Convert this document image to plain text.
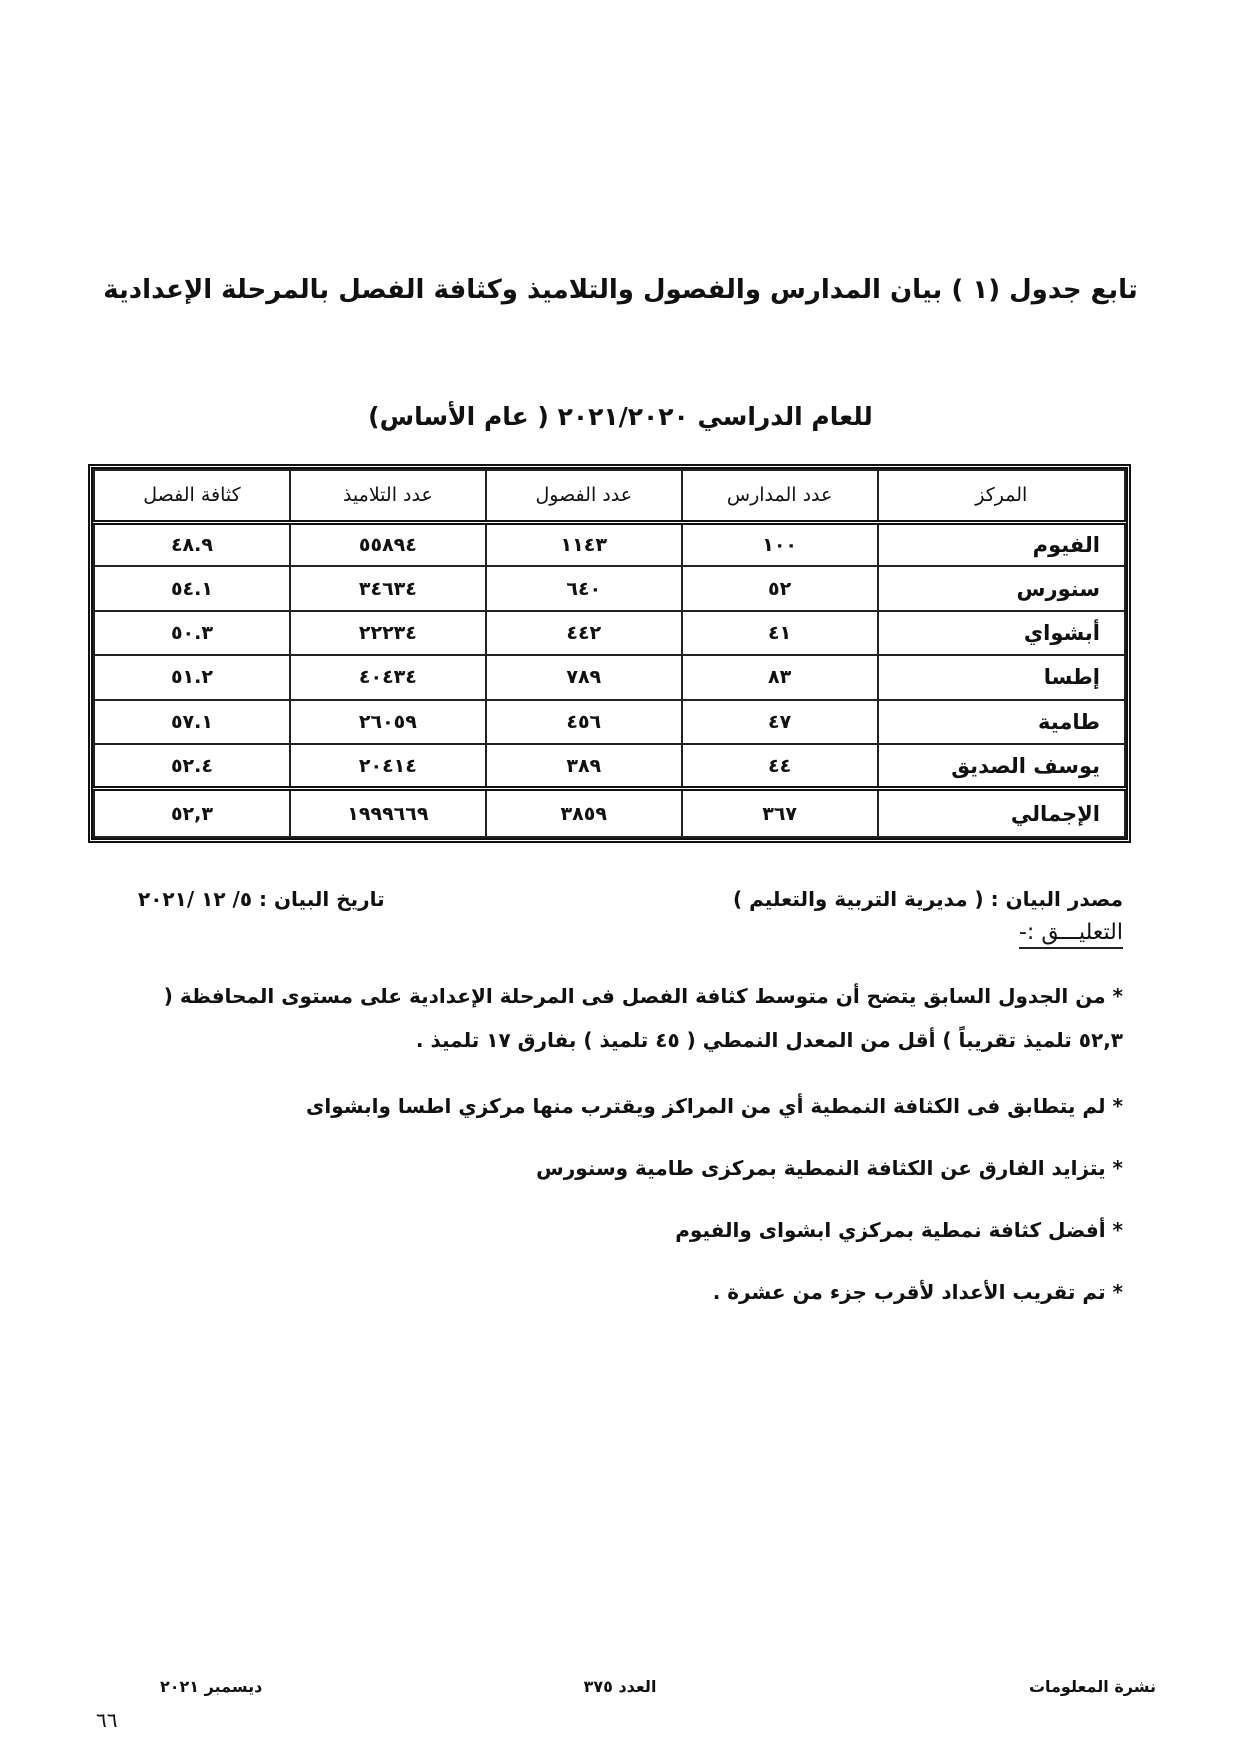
تابع جدول (١ ) بيان المدارس والفصول والتلاميذ وكثافة الفصل بالمرحلة الإعدادية
للعام الدراسي ٢٠٢١/٢٠٢٠ ( عام الأساس)
المركز	عدد المدارس	عدد الفصول	عدد التلاميذ	كثافة الفصل
الفيوم	١٠٠	١١٤٣	٥٥٨٩٤	٤٨.٩
سنورس	٥٢	٦٤٠	٣٤٦٣٤	٥٤.١
أبشواي	٤١	٤٤٢	٢٢٢٣٤	٥٠.٣
إطسا	٨٣	٧٨٩	٤٠٤٣٤	٥١.٢
طامية	٤٧	٤٥٦	٢٦٠٥٩	٥٧.١
يوسف الصديق	٤٤	٣٨٩	٢٠٤١٤	٥٢.٤
الإجمالي	٣٦٧	٣٨٥٩	١٩٩٩٦٦٩	٥٢,٣
مصدر البيان : ( مديرية التربية والتعليم )
تاريخ البيان : ٥/ ١٢ /٢٠٢١
التعليـــق :-
* من الجدول السابق يتضح أن متوسط كثافة الفصل فى المرحلة الإعدادية على مستوى المحافظة ( ٥٢,٣ تلميذ تقريباً ) أقل من المعدل النمطي ( ٤٥ تلميذ ) بفارق ١٧ تلميذ .
* لم يتطابق فى الكثافة النمطية أي من المراكز ويقترب منها مركزي اطسا وابشواى
* يتزايد الفارق عن الكثافة النمطية بمركزى طامية وسنورس
* أفضل كثافة نمطية بمركزي ابشواى والفيوم
* تم تقريب الأعداد لأقرب جزء من عشرة .
نشرة المعلومات
العدد ٣٧٥
ديسمبر ٢٠٢١
٦٦
